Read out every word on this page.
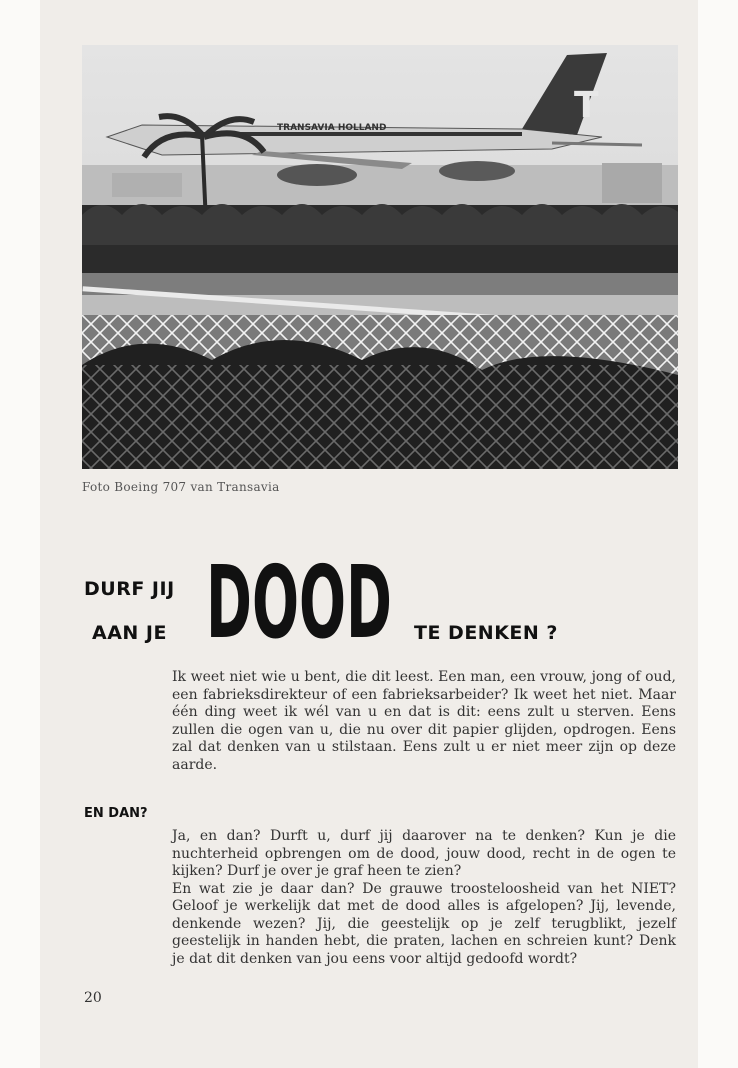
T
TRANSAVIA HOLLAND
Foto Boeing 707 van Transavia
DURF JIJ
AAN JE DOOD TE DENKEN ?

Ik weet niet wie u bent, die dit leest. Een man, een vrouw, jong of oud, een fabrieksdirekteur of een fabrieksarbeider? Ik weet het niet. Maar één ding weet ik wél van u en dat is dit: eens zult u sterven. Eens zullen die ogen van u, die nu over dit papier glijden, opdrogen. Eens zal dat denken van u stilstaan. Eens zult u er niet meer zijn op deze aarde.

EN DAN?

Ja, en dan? Durft u, durf jij daarover na te denken? Kun je die nuchterheid opbrengen om de dood, jouw dood, recht in de ogen te kijken? Durf je over je graf heen te zien?

En wat zie je daar dan? De grauwe troosteloosheid van het NIET? Geloof je werkelijk dat met de dood alles is afgelopen? Jij, levende, denkende wezen? Jij, die geestelijk op je zelf terugblikt, jezelf geestelijk in handen hebt, die praten, lachen en schreien kunt? Denk je dat dit denken van jou eens voor altijd gedoofd wordt?

20
